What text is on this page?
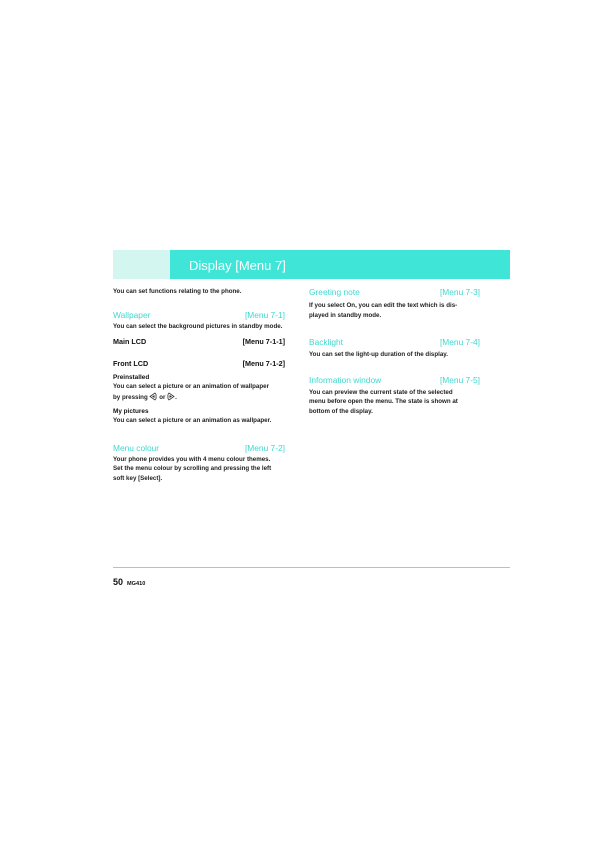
Display [Menu 7]

You can set functions relating to the phone.

Wallpaper	[Menu 7-1]

You can select the background pictures in standby mode.

Main LCD	[Menu 7-1-1]
Front LCD	[Menu 7-1-2]

Preinstalled

You can select a picture or an animation of wallpaper

by pressing or .

My pictures

You can select a picture or an animation as wallpaper.

Menu colour	[Menu 7-2]

Your phone provides you with 4 menu colour themes.

Set the menu colour by scrolling and pressing the left

soft key [Select].

Greeting note	[Menu 7-3]

If you select On, you can edit the text which is dis-

played in standby mode.

Backlight	[Menu 7-4]

You can set the light-up duration of the display.

Information window	[Menu 7-5]

You can preview the current state of the selected

menu before open the menu. The state is shown at

bottom of the display.

50 MG410
